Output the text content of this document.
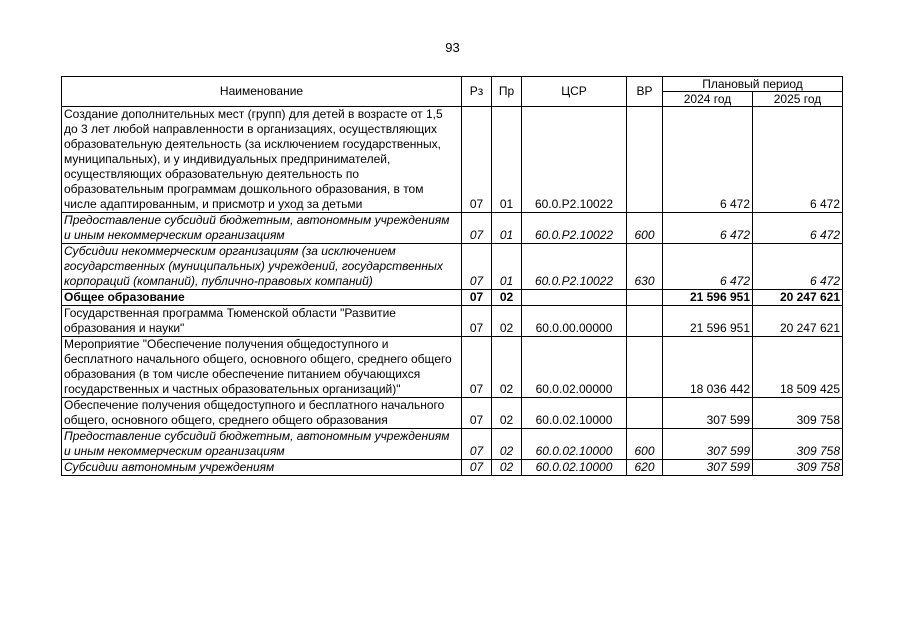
93
Наименование	Рз	Пр	ЦСР	ВР	Плановый период	
					2024 год	2025 год
Создание дополнительных мест (групп) для детей в возрасте от 1,5 до 3 лет любой направленности в организациях, осуществляющих образовательную деятельность (за исключением государственных, муниципальных), и у индивидуальных предпринимателей, осуществляющих образовательную деятельность по образовательным программам дошкольного образования, в том числе адаптированным, и присмотр и уход за детьми	07	01	60.0.Р2.10022		6 472	6 472
Предоставление субсидий бюджетным, автономным учреждениям и иным некоммерческим организациям	07	01	60.0.Р2.10022	600	6 472	6 472
Субсидии некоммерческим организациям (за исключением государственных (муниципальных) учреждений, государственных корпораций (компаний), публично-правовых компаний)	07	01	60.0.Р2.10022	630	6 472	6 472
Общее образование	07	02			21 596 951	20 247 621
Государственная программа Тюменской области "Развитие образования и науки"	07	02	60.0.00.00000		21 596 951	20 247 621
Мероприятие "Обеспечение получения общедоступного и бесплатного начального общего, основного общего, среднего общего образования (в том числе обеспечение питанием обучающихся государственных и частных образовательных организаций)"	07	02	60.0.02.00000		18 036 442	18 509 425
Обеспечение получения общедоступного и бесплатного начального общего, основного общего, среднего общего образования	07	02	60.0.02.10000		307 599	309 758
Предоставление субсидий бюджетным, автономным учреждениям и иным некоммерческим организациям	07	02	60.0.02.10000	600	307 599	309 758
Субсидии автономным учреждениям	07	02	60.0.02.10000	620	307 599	309 758
